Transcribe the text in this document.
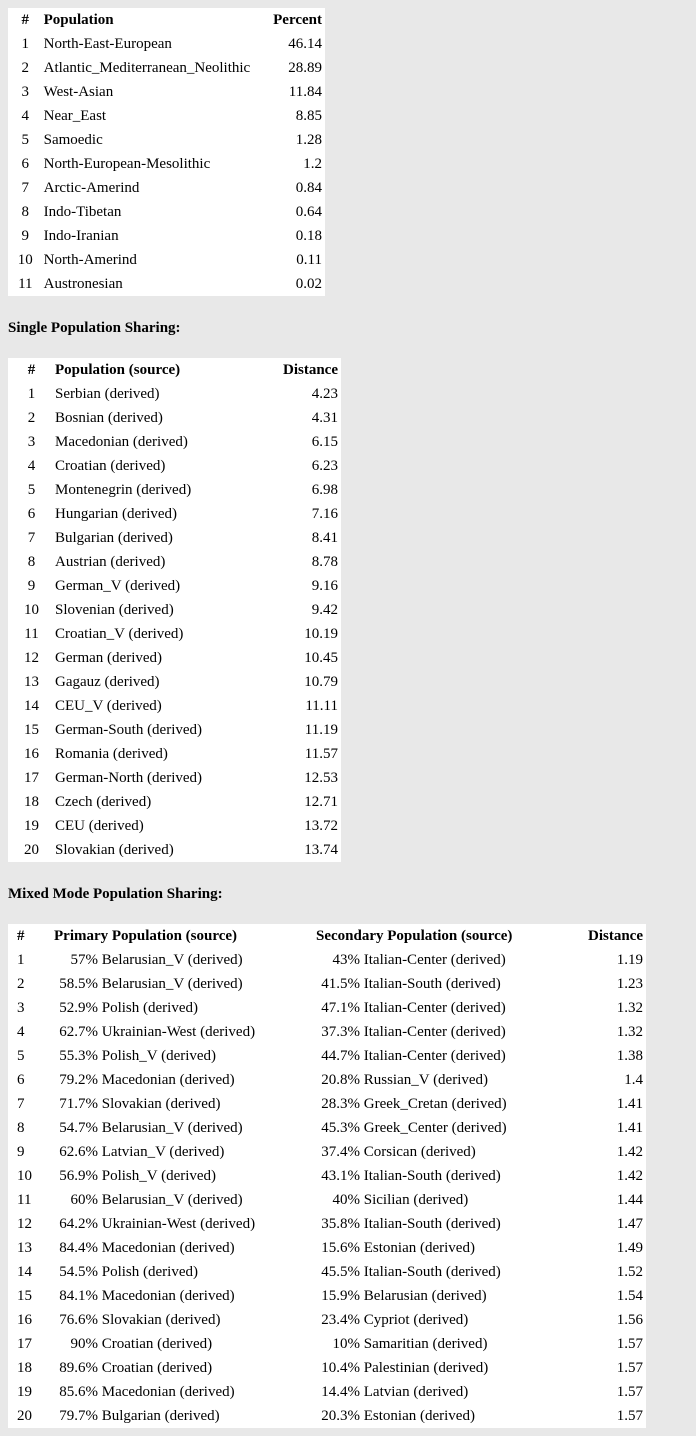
#	Population	Percent
1	North-East-European	46.14
2	Atlantic_Mediterranean_Neolithic	28.89
3	West-Asian	11.84
4	Near_East	8.85
5	Samoedic	1.28
6	North-European-Mesolithic	1.2
7	Arctic-Amerind	0.84
8	Indo-Tibetan	0.64
9	Indo-Iranian	0.18
10	North-Amerind	0.11
11	Austronesian	0.02
Single Population Sharing:
#	Population (source)	Distance
1	Serbian (derived)	4.23
2	Bosnian (derived)	4.31
3	Macedonian (derived)	6.15
4	Croatian (derived)	6.23
5	Montenegrin (derived)	6.98
6	Hungarian (derived)	7.16
7	Bulgarian (derived)	8.41
8	Austrian (derived)	8.78
9	German_V (derived)	9.16
10	Slovenian (derived)	9.42
11	Croatian_V (derived)	10.19
12	German (derived)	10.45
13	Gagauz (derived)	10.79
14	CEU_V (derived)	11.11
15	German-South (derived)	11.19
16	Romania (derived)	11.57
17	German-North (derived)	12.53
18	Czech (derived)	12.71
19	CEU (derived)	13.72
20	Slovakian (derived)	13.74
Mixed Mode Population Sharing:
#	Primary Population (source)	Secondary Population (source)	Distance
1	57% Belarusian_V (derived)	43% Italian-Center (derived)	1.19
2	58.5% Belarusian_V (derived)	41.5% Italian-South (derived)	1.23
3	52.9% Polish (derived)	47.1% Italian-Center (derived)	1.32
4	62.7% Ukrainian-West (derived)	37.3% Italian-Center (derived)	1.32
5	55.3% Polish_V (derived)	44.7% Italian-Center (derived)	1.38
6	79.2% Macedonian (derived)	20.8% Russian_V (derived)	1.4
7	71.7% Slovakian (derived)	28.3% Greek_Cretan (derived)	1.41
8	54.7% Belarusian_V (derived)	45.3% Greek_Center (derived)	1.41
9	62.6% Latvian_V (derived)	37.4% Corsican (derived)	1.42
10	56.9% Polish_V (derived)	43.1% Italian-South (derived)	1.42
11	60% Belarusian_V (derived)	40% Sicilian (derived)	1.44
12	64.2% Ukrainian-West (derived)	35.8% Italian-South (derived)	1.47
13	84.4% Macedonian (derived)	15.6% Estonian (derived)	1.49
14	54.5% Polish (derived)	45.5% Italian-South (derived)	1.52
15	84.1% Macedonian (derived)	15.9% Belarusian (derived)	1.54
16	76.6% Slovakian (derived)	23.4% Cypriot (derived)	1.56
17	90% Croatian (derived)	10% Samaritian (derived)	1.57
18	89.6% Croatian (derived)	10.4% Palestinian (derived)	1.57
19	85.6% Macedonian (derived)	14.4% Latvian (derived)	1.57
20	79.7% Bulgarian (derived)	20.3% Estonian (derived)	1.57
